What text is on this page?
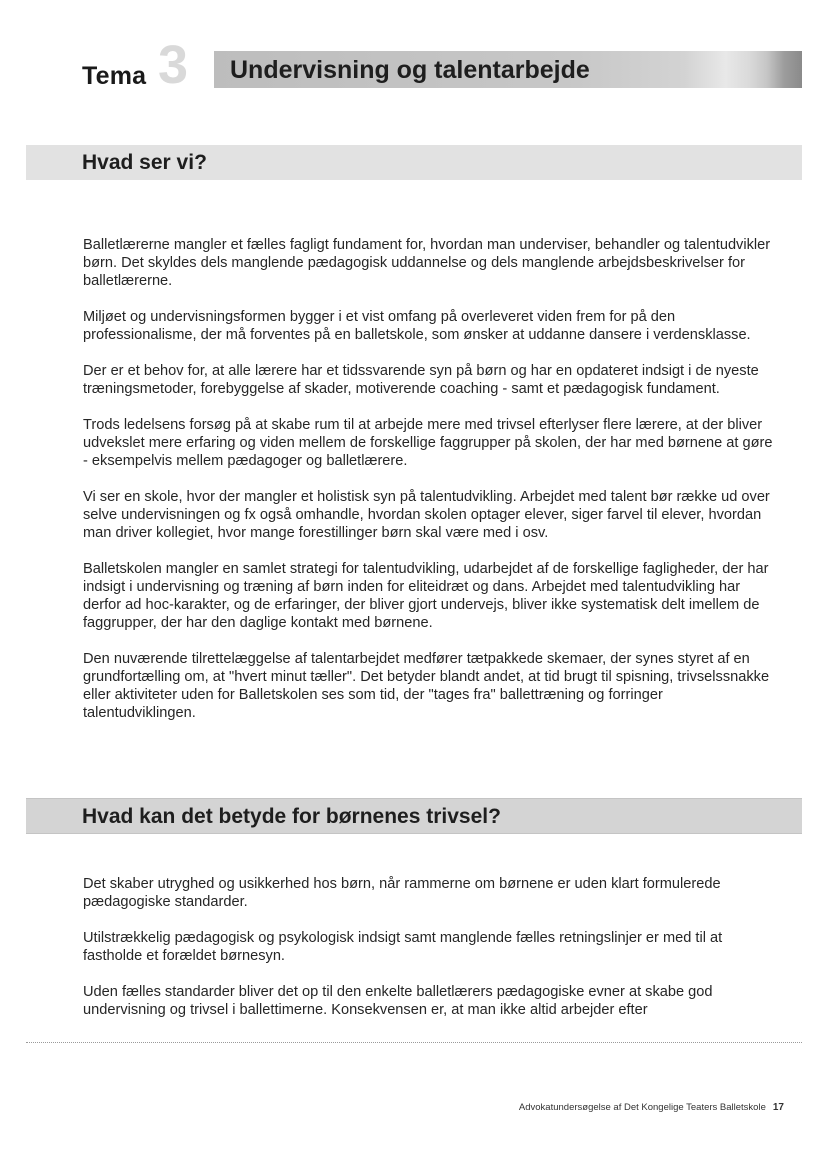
Tema 3 Undervisning og talentarbejde
Hvad ser vi?

Balletlærerne mangler et fælles fagligt fundament for, hvordan man underviser, behandler og talentudvikler børn. Det skyldes dels manglende pædagogisk uddannelse og dels manglende arbejdsbeskrivelser for balletlærerne.

Miljøet og undervisningsformen bygger i et vist omfang på overleveret viden frem for på den professionalisme, der må forventes på en balletskole, som ønsker at uddanne dansere i verdensklasse.

Der er et behov for, at alle lærere har et tidssvarende syn på børn og har en opdateret indsigt i de nyeste træningsmetoder, forebyggelse af skader, motiverende coaching - samt et pædagogisk fundament.

Trods ledelsens forsøg på at skabe rum til at arbejde mere med trivsel efterlyser flere lærere, at der bliver udvekslet mere erfaring og viden mellem de forskellige faggrupper på skolen, der har med børnene at gøre - eksempelvis mellem pædagoger og balletlærere.

Vi ser en skole, hvor der mangler et holistisk syn på talentudvikling. Arbejdet med talent bør række ud over selve undervisningen og fx også omhandle, hvordan skolen optager elever, siger farvel til elever, hvordan man driver kollegiet, hvor mange forestillinger børn skal være med i osv.

Balletskolen mangler en samlet strategi for talentudvikling, udarbejdet af de forskellige fagligheder, der har indsigt i undervisning og træning af børn inden for eliteidræt og dans. Arbejdet med talentudvikling har derfor ad hoc-karakter, og de erfaringer, der bliver gjort undervejs, bliver ikke systematisk delt imellem de faggrupper, der har den daglige kontakt med børnene.

Den nuværende tilrettelæggelse af talentarbejdet medfører tætpakkede skemaer, der synes styret af en grundfortælling om, at "hvert minut tæller". Det betyder blandt andet, at tid brugt til spisning, trivselssnakke eller aktiviteter uden for Balletskolen ses som tid, der "tages fra" ballettræning og forringer talentudviklingen.

Hvad kan det betyde for børnenes trivsel?

Det skaber utryghed og usikkerhed hos børn, når rammerne om børnene er uden klart formulerede pædagogiske standarder.

Utilstrækkelig pædagogisk og psykologisk indsigt samt manglende fælles retningslinjer er med til at fastholde et forældet børnesyn.

Uden fælles standarder bliver det op til den enkelte balletlærers pædagogiske evner at skabe god undervisning og trivsel i ballettimerne. Konsekvensen er, at man ikke altid arbejder efter

Advokatundersøgelse af Det Kongelige Teaters Balletskole 17
